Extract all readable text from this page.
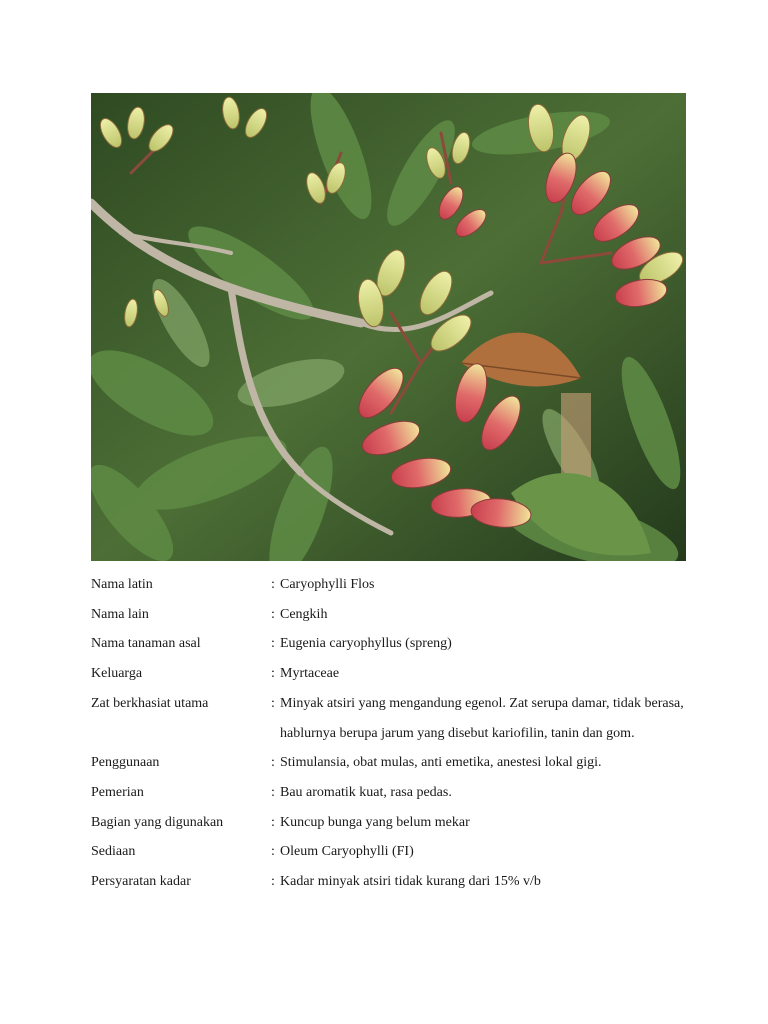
Nama latin	: Caryophylli Flos
Nama lain	: Cengkih
Nama tanaman asal	: Eugenia caryophyllus (spreng)
Keluarga	: Myrtaceae
Zat berkhasiat utama	: Minyak atsiri yang mengandung egenol. Zat serupa damar, tidak berasa, hablurnya berupa jarum yang disebut kariofilin, tanin dan gom.
Penggunaan	: Stimulansia, obat mulas, anti emetika, anestesi lokal gigi.
Pemerian	: Bau aromatik kuat, rasa pedas.
Bagian yang digunakan	: Kuncup bunga yang belum mekar
Sediaan	: Oleum Caryophylli (FI)
Persyaratan kadar	: Kadar minyak atsiri tidak kurang dari 15% v/b
